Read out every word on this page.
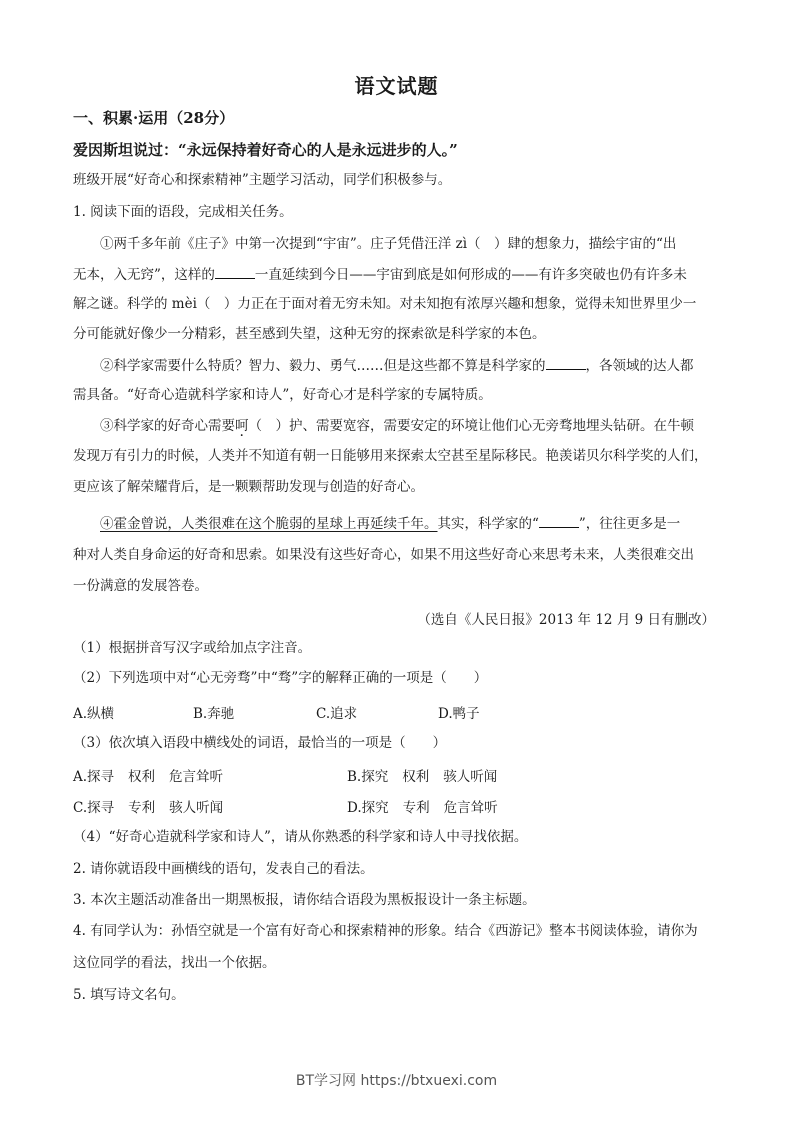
语文试题
一、积累·运用（28分）
爱因斯坦说过：“永远保持着好奇心的人是永远进步的人。”
班级开展“好奇心和探索精神”主题学习活动，同学们积极参与。
1. 阅读下面的语段，完成相关任务。
①两千多年前《庄子》中第一次提到“宇宙”。庄子凭借汪洋 zì（　）肆的想象力，描绘宇宙的“出
无本，入无窍”，这样的	一直延续到今日——宇宙到底是如何形成的——有许多突破也仍有许多未
解之谜。科学的 mèi（　）力正在于面对着无穷未知。对未知抱有浓厚兴趣和想象，觉得未知世界里少一
分可能就好像少一分精彩，甚至感到失望，这种无穷的探索欲是科学家的本色。
②科学家需要什么特质？智力、毅力、勇气……但是这些都不算是科学家的	，各领域的达人都
需具备。“好奇心造就科学家和诗人”，好奇心才是科学家的专属特质。
③科学家的好奇心需要呵（　）护、需要宽容，需要安定的环境让他们心无旁骛地埋头钻研。在牛顿
发现万有引力的时候，人类并不知道有朝一日能够用来探索太空甚至星际移民。艳羡诺贝尔科学奖的人们，
更应该了解荣耀背后，是一颗颗帮助发现与创造的好奇心。
④霍金曾说，人类很难在这个脆弱的星球上再延续千年。其实，科学家的“	”，往往更多是一
种对人类自身命运的好奇和思索。如果没有这些好奇心，如果不用这些好奇心来思考未来，人类很难交出
一份满意的发展答卷。
（选自《人民日报》2013 年 12 月 9 日有删改）
（1）根据拼音写汉字或给加点字注音。
（2）下列选项中对“心无旁骛”中“骛”字的解释正确的一项是（　　）
A.纵横	B.奔驰	C.追求	D.鸭子
（3）依次填入语段中横线处的词语，最恰当的一项是（　　）
A.探寻 权利 危言耸听	B.探究 权利 骇人听闻
C.探寻 专利 骇人听闻	D.探究 专利 危言耸听
（4）“好奇心造就科学家和诗人”，请从你熟悉的科学家和诗人中寻找依据。
2. 请你就语段中画横线的语句，发表自己的看法。
3. 本次主题活动准备出一期黑板报，请你结合语段为黑板报设计一条主标题。
4. 有同学认为：孙悟空就是一个富有好奇心和探索精神的形象。结合《西游记》整本书阅读体验，请你为
这位同学的看法，找出一个依据。
5. 填写诗文名句。
BT学习网 https://btxuexi.com
